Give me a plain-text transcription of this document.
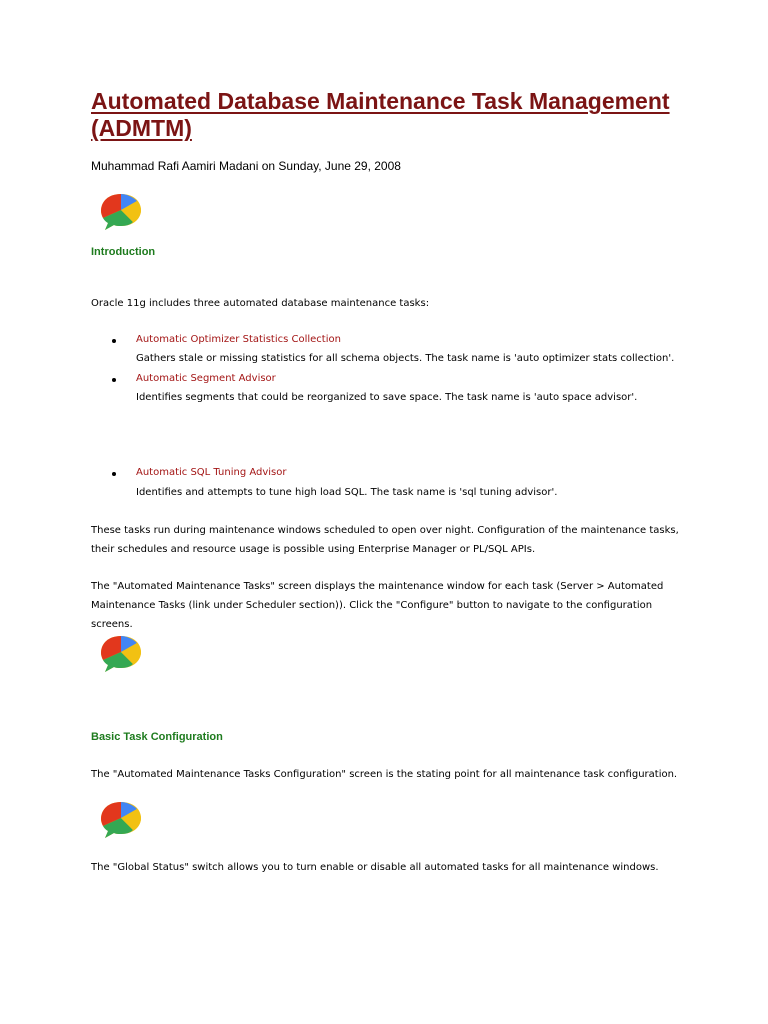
Automated Database Maintenance Task Management (ADMTM)
Muhammad Rafi Aamiri Madani on Sunday, June 29, 2008
Introduction
Oracle 11g includes three automated database maintenance tasks:
Automatic Optimizer Statistics Collection
Gathers stale or missing statistics for all schema objects. The task name is 'auto optimizer stats collection'.
Automatic Segment Advisor
Identifies segments that could be reorganized to save space. The task name is 'auto space advisor'.
Automatic SQL Tuning Advisor
Identifies and attempts to tune high load SQL. The task name is 'sql tuning advisor'.
These tasks run during maintenance windows scheduled to open over night. Configuration of the maintenance tasks, their schedules and resource usage is possible using Enterprise Manager or PL/SQL APIs.
The "Automated Maintenance Tasks" screen displays the maintenance window for each task (Server > Automated Maintenance Tasks (link under Scheduler section)). Click the "Configure" button to navigate to the configuration screens.
Basic Task Configuration
The "Automated Maintenance Tasks Configuration" screen is the stating point for all maintenance task configuration.
The "Global Status" switch allows you to turn enable or disable all automated tasks for all maintenance windows.
